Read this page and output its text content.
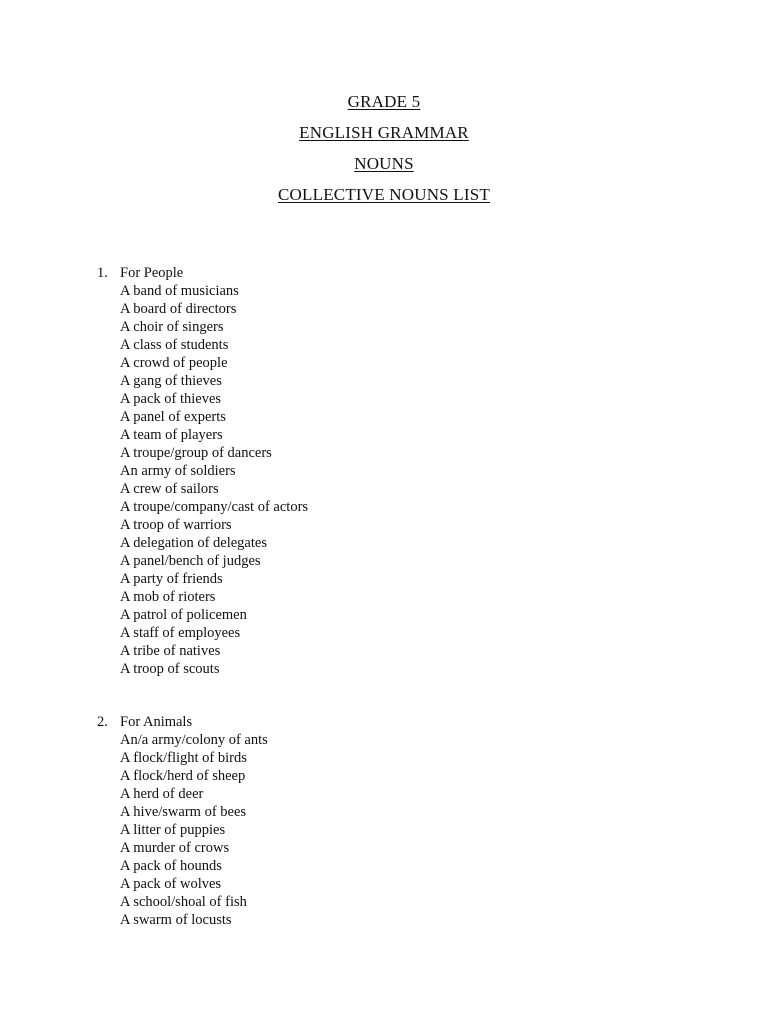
GRADE 5
ENGLISH GRAMMAR
NOUNS
COLLECTIVE NOUNS LIST
1. For People
A band of musicians
A board of directors
A choir of singers
A class of students
A crowd of people
A gang of thieves
A pack of thieves
A panel of experts
A team of players
A troupe/group of dancers
An army of soldiers
A crew of sailors
A troupe/company/cast of actors
A troop of warriors
A delegation of delegates
A panel/bench of judges
A party of friends
A mob of rioters
A patrol of policemen
A staff of employees
A tribe of natives
A troop of scouts
2. For Animals
An/a army/colony of ants
A flock/flight of birds
A flock/herd of sheep
A herd of deer
A hive/swarm of bees
A litter of puppies
A murder of crows
A pack of hounds
A pack of wolves
A school/shoal of fish
A swarm of locusts
